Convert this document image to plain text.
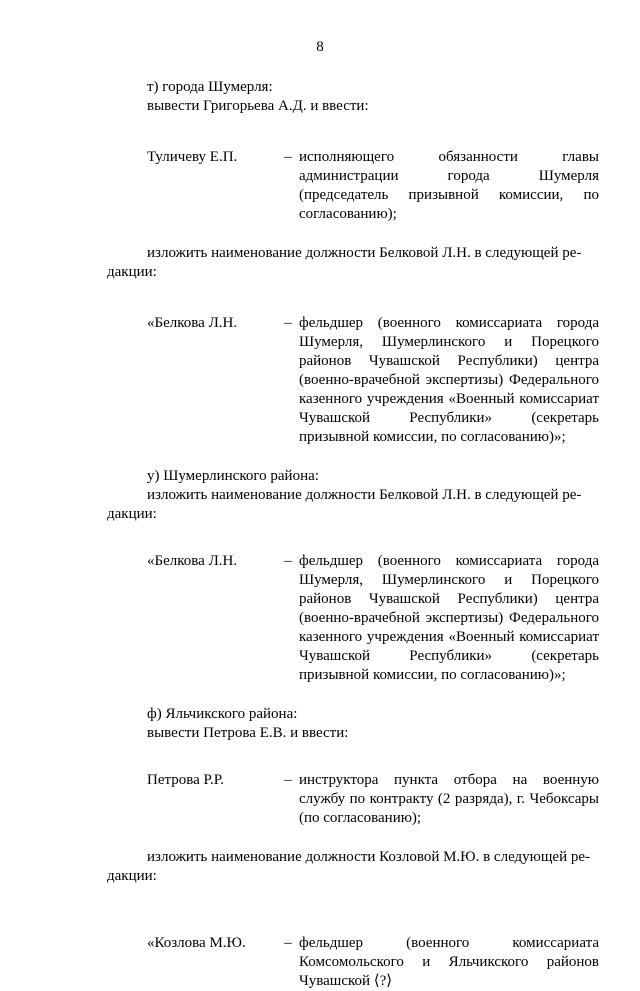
8
т) города Шумерля:
вывести Григорьева А.Д. и ввести:
Туличеву Е.П.	– исполняющего обязанности главы администрации города Шумерля (председатель призывной комиссии, по согласованию);
изложить наименование должности Белковой Л.Н. в следующей ре-
дакции:
«Белкова Л.Н.	– фельдшер (военного комиссариата города Шумерля, Шумерлинского и Порецкого районов Чувашской Республики) центра (военно-врачебной экспертизы) Федерального казенного учреждения «Военный комиссариат Чувашской Республики» (секретарь призывной комиссии, по согласованию)»;
у) Шумерлинского района:
изложить наименование должности Белковой Л.Н. в следующей ре-
дакции:
«Белкова Л.Н.	– фельдшер (военного комиссариата города Шумерля, Шумерлинского и Порецкого районов Чувашской Республики) центра (военно-врачебной экспертизы) Федерального казенного учреждения «Военный комиссариат Чувашской Республики» (секретарь призывной комиссии, по согласованию)»;
ф) Яльчикского района:
вывести Петрова Е.В. и ввести:
Петрова Р.Р.	– инструктора пункта отбора на военную службу по контракту (2 разряда), г. Чебоксары (по согласованию);
изложить наименование должности Козловой М.Ю. в следующей ре-
дакции:
«Козлова М.Ю.	– фельдшер (военного комиссариата Комсомольского и Яльчикского районов Чувашской ⟨?⟩
